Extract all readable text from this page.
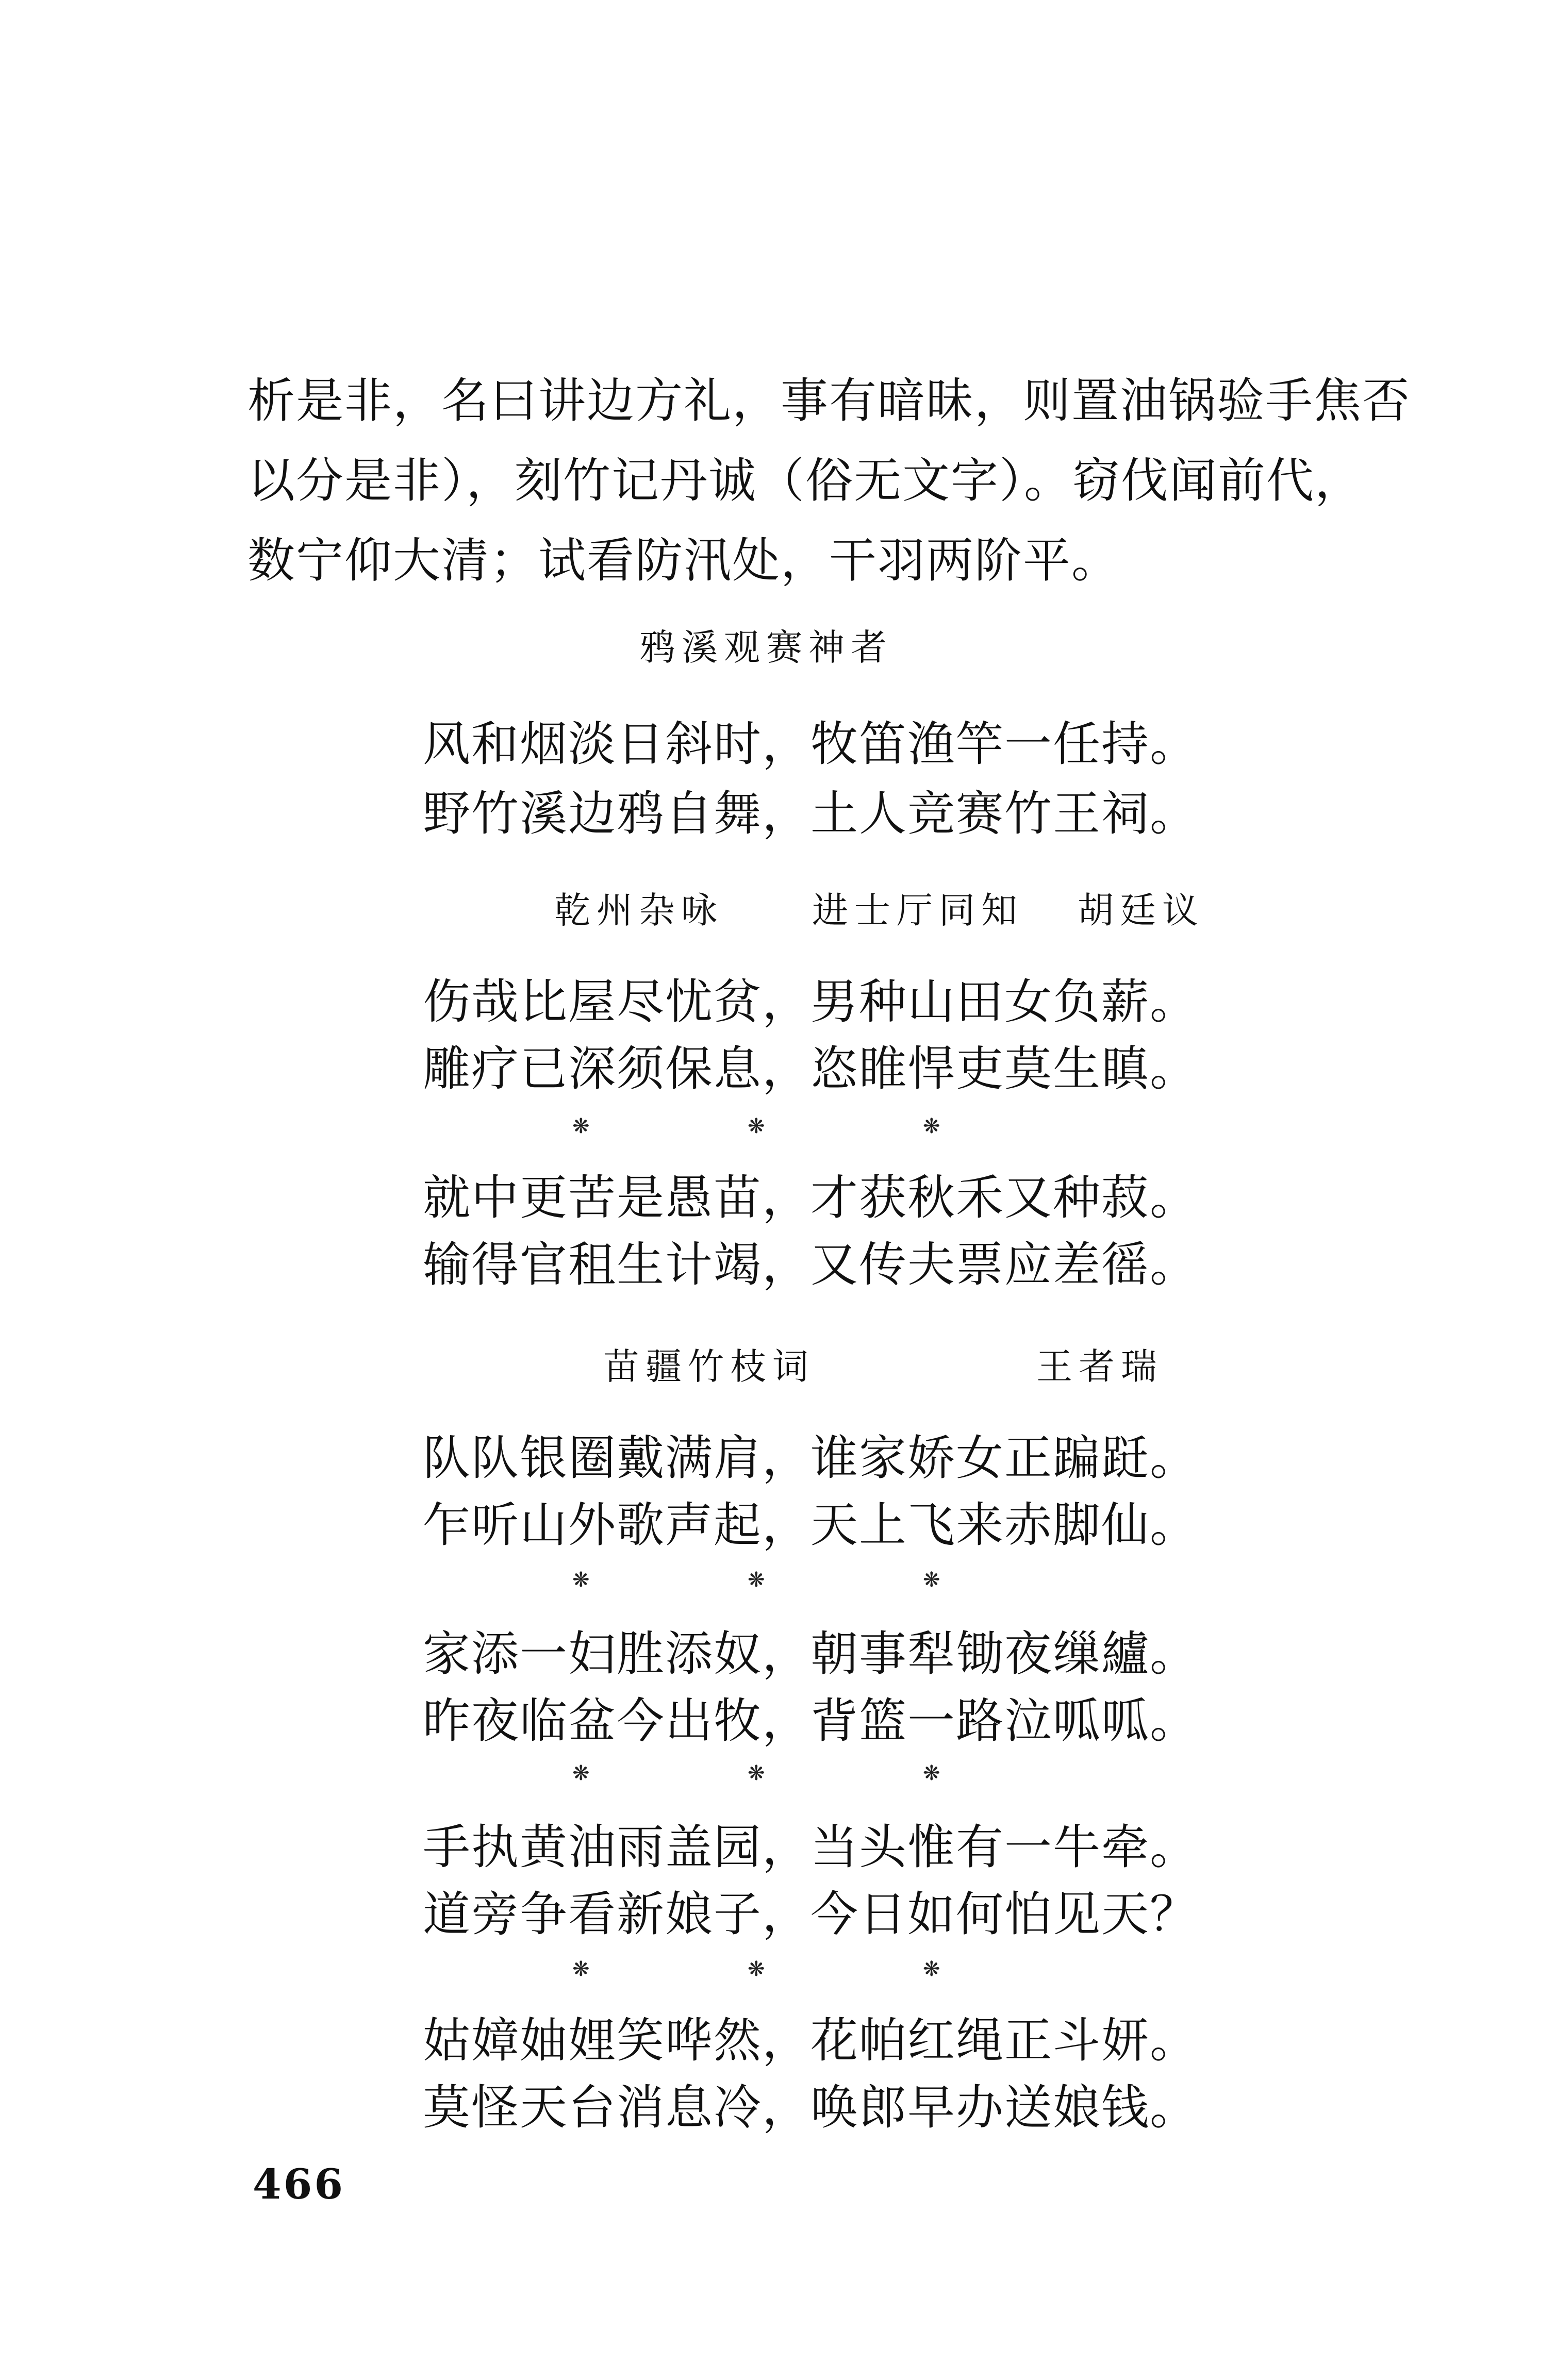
析是非，名曰讲边方礼，事有暗昧，则置油锅验手焦否
以分是非），刻竹记丹诚（俗无文字）。窃伐闻前代，
数宁仰大清；试看防汛处，干羽两阶平。
鸦溪观赛神者
风和烟淡日斜时，牧笛渔竿一任持。
野竹溪边鸦自舞，土人竞赛竹王祠。
乾州杂咏 进士厅同知 胡廷议
伤哉比屋尽忧贫，男种山田女负薪。
雕疗已深须保息，恣睢悍吏莫生瞋。
❋	❋	❋
就中更苦是愚苗，才获秋禾又种菽。
输得官租生计竭，又传夫票应差徭。
苗疆竹枝词	王者瑞
队队银圈戴满肩，谁家娇女正蹁跹。
乍听山外歌声起，天上飞来赤脚仙。
❋	❋	❋
家添一妇胜添奴，朝事犁锄夜缫纑。
昨夜临盆今出牧，背篮一路泣呱呱。
❋	❋	❋
手执黄油雨盖园，当头惟有一牛牵。
道旁争看新娘子，今日如何怕见天？
❋	❋	❋
姑嫜妯娌笑哗然，花帕红绳正斗妍。
莫怪天台消息冷，唤郎早办送娘钱。
466
